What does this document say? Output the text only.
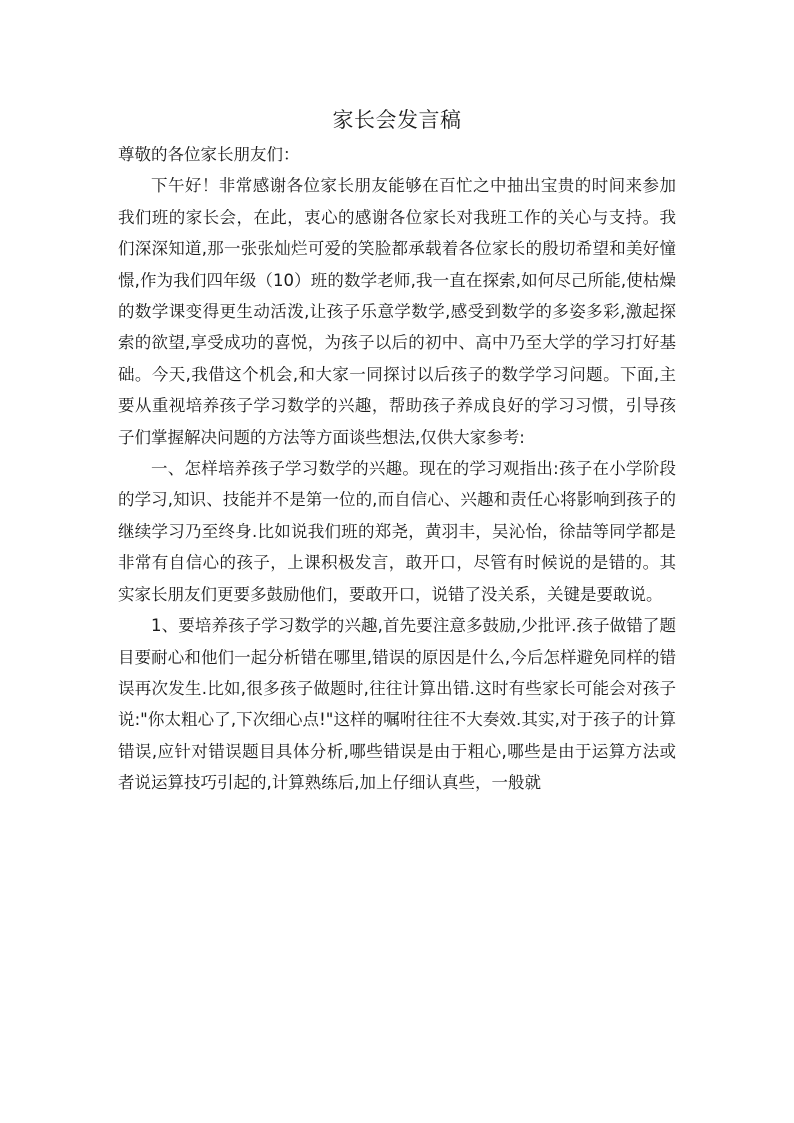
家长会发言稿

尊敬的各位家长朋友们：

下午好！非常感谢各位家长朋友能够在百忙之中抽出宝贵的时间来参加我们班的家长会，在此，衷心的感谢各位家长对我班工作的关心与支持。我们深深知道,那一张张灿烂可爱的笑脸都承载着各位家长的殷切希望和美好憧憬,作为我们四年级（10）班的数学老师,我一直在探索,如何尽己所能,使枯燥的数学课变得更生动活泼,让孩子乐意学数学,感受到数学的多姿多彩,激起探索的欲望,享受成功的喜悦，为孩子以后的初中、高中乃至大学的学习打好基础。今天,我借这个机会,和大家一同探讨以后孩子的数学学习问题。下面,主要从重视培养孩子学习数学的兴趣，帮助孩子养成良好的学习习惯，引导孩子们掌握解决问题的方法等方面谈些想法,仅供大家参考:

一、怎样培养孩子学习数学的兴趣。现在的学习观指出:孩子在小学阶段的学习,知识、技能并不是第一位的,而自信心、兴趣和责任心将影响到孩子的继续学习乃至终身.比如说我们班的郑尧，黄羽丰，吴沁怡，徐喆等同学都是非常有自信心的孩子，上课积极发言，敢开口，尽管有时候说的是错的。其实家长朋友们更要多鼓励他们，要敢开口，说错了没关系，关键是要敢说。

1、要培养孩子学习数学的兴趣,首先要注意多鼓励,少批评.孩子做错了题目要耐心和他们一起分析错在哪里,错误的原因是什么,今后怎样避免同样的错误再次发生.比如,很多孩子做题时,往往计算出错.这时有些家长可能会对孩子说:"你太粗心了,下次细心点!"这样的嘱咐往往不大奏效.其实,对于孩子的计算错误,应针对错误题目具体分析,哪些错误是由于粗心,哪些是由于运算方法或者说运算技巧引起的,计算熟练后,加上仔细认真些，一般就
